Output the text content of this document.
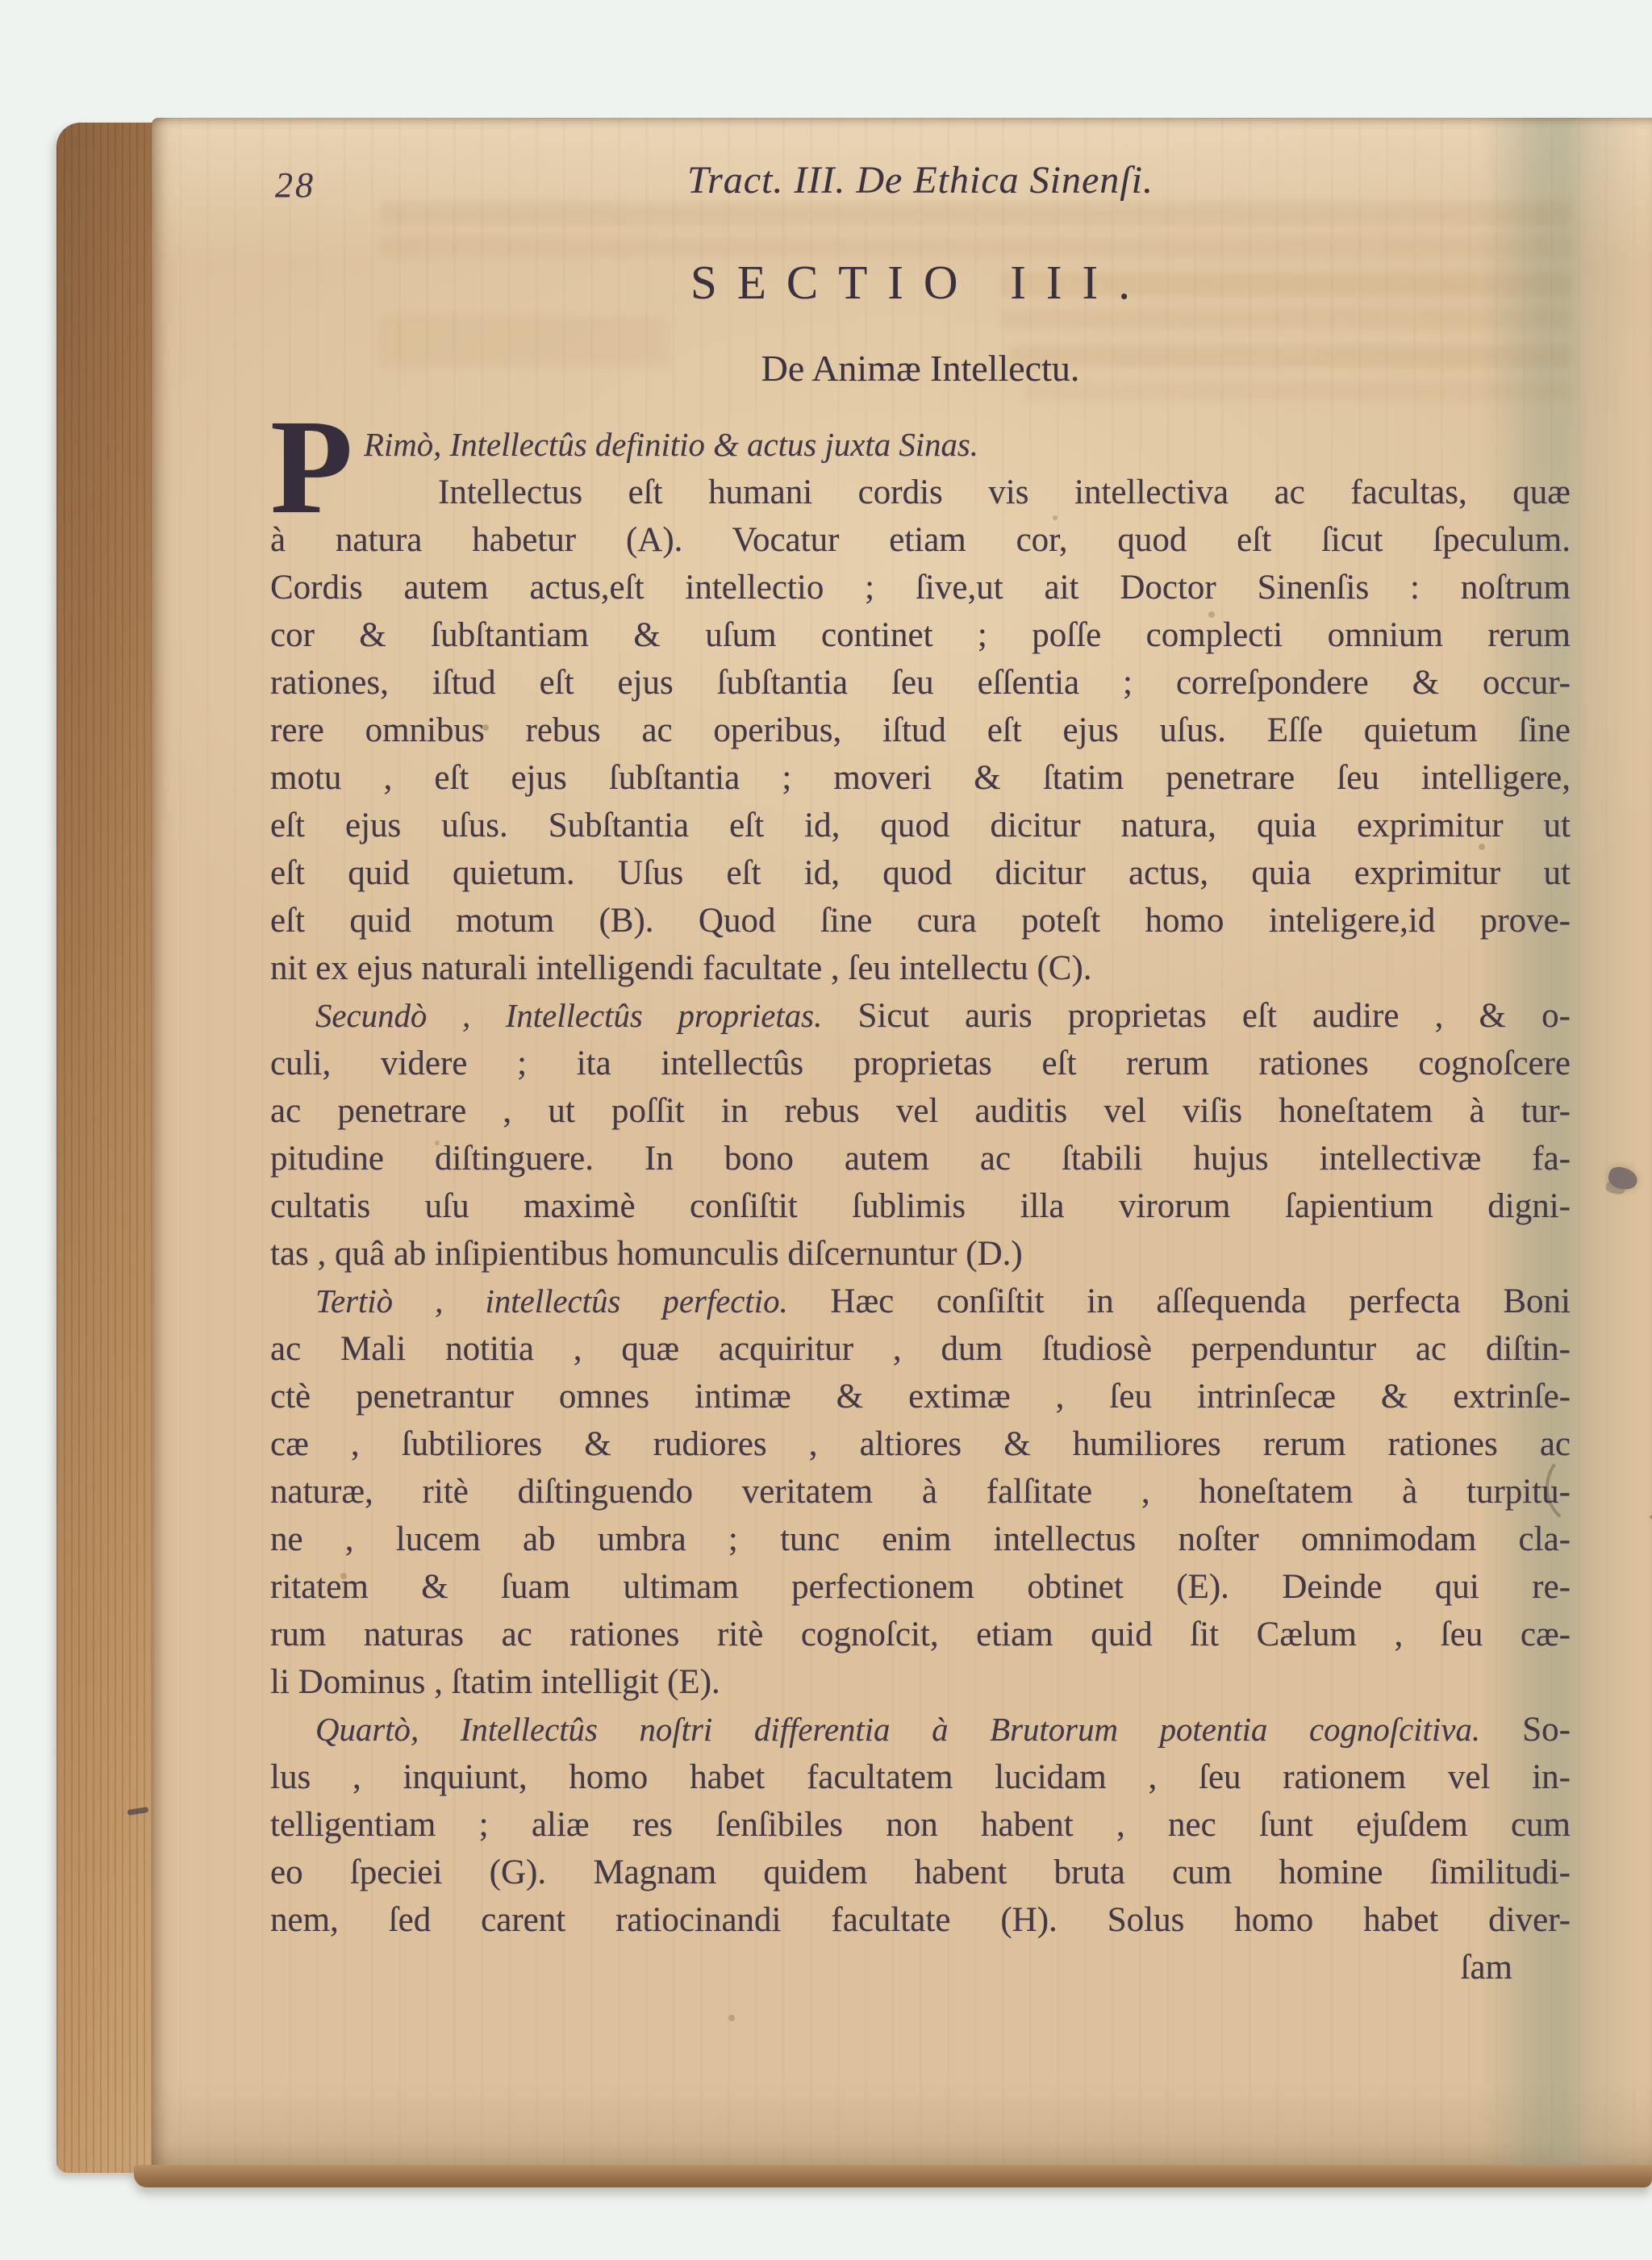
28	Tract. III. De Ethica Sinenſi.
SECTIO III.
De Animæ Intellectu.
P Rimò, Intellectûs definitio & actus juxta Sinas.
Intellectus eſt humani cordis vis intellectiva ac facultas, quæ
à natura habetur (A). Vocatur etiam cor, quod eſt ſicut ſpeculum.
Cordis autem actus,eſt intellectio ; ſive,ut ait Doctor Sinenſis : noſtrum
cor & ſubſtantiam & uſum continet ; poſſe complecti omnium rerum
rationes, iſtud eſt ejus ſubſtantia ſeu eſſentia ; correſpondere & occur-
rere omnibus rebus ac operibus, iſtud eſt ejus uſus. Eſſe quietum ſine
motu , eſt ejus ſubſtantia ; moveri & ſtatim penetrare ſeu intelligere,
eſt ejus uſus. Subſtantia eſt id, quod dicitur natura, quia exprimitur ut
eſt quid quietum. Uſus eſt id, quod dicitur actus, quia exprimitur ut
eſt quid motum (B). Quod ſine cura poteſt homo inteligere,id prove-
nit ex ejus naturali intelligendi facultate , ſeu intellectu (C).
Secundò , Intellectûs proprietas. Sicut auris proprietas eſt audire , & o-
culi, videre ; ita intellectûs proprietas eſt rerum rationes cognoſcere
ac penetrare , ut poſſit in rebus vel auditis vel viſis honeſtatem à tur-
pitudine diſtinguere. In bono autem ac ſtabili hujus intellectivæ fa-
cultatis uſu maximè conſiſtit ſublimis illa virorum ſapientium digni-
tas , quâ ab inſipientibus homunculis diſcernuntur (D.)
Tertiò , intellectûs perfectio. Hæc conſiſtit in aſſequenda perfecta Boni
ac Mali notitia , quæ acquiritur , dum ſtudiosè perpenduntur ac diſtin-
ctè penetrantur omnes intimæ & extimæ , ſeu intrinſecæ & extrinſe-
cæ , ſubtiliores & rudiores , altiores & humiliores rerum rationes ac
naturæ, ritè diſtinguendo veritatem à falſitate , honeſtatem à turpitu-
ne , lucem ab umbra ; tunc enim intellectus noſter omnimodam cla-
ritatem & ſuam ultimam perfectionem obtinet (E). Deinde qui re-
rum naturas ac rationes ritè cognoſcit, etiam quid ſit Cælum , ſeu cæ-
li Dominus , ſtatim intelligit (E).
Quartò, Intellectûs noſtri differentia à Brutorum potentia cognoſcitiva. So-
lus , inquiunt, homo habet facultatem lucidam , ſeu rationem vel in-
telligentiam ; aliæ res ſenſibiles non habent , nec ſunt ejuſdem cum
eo ſpeciei (G). Magnam quidem habent bruta cum homine ſimilitudi-
nem, ſed carent ratiocinandi facultate (H). Solus homo habet diver-
ſam
